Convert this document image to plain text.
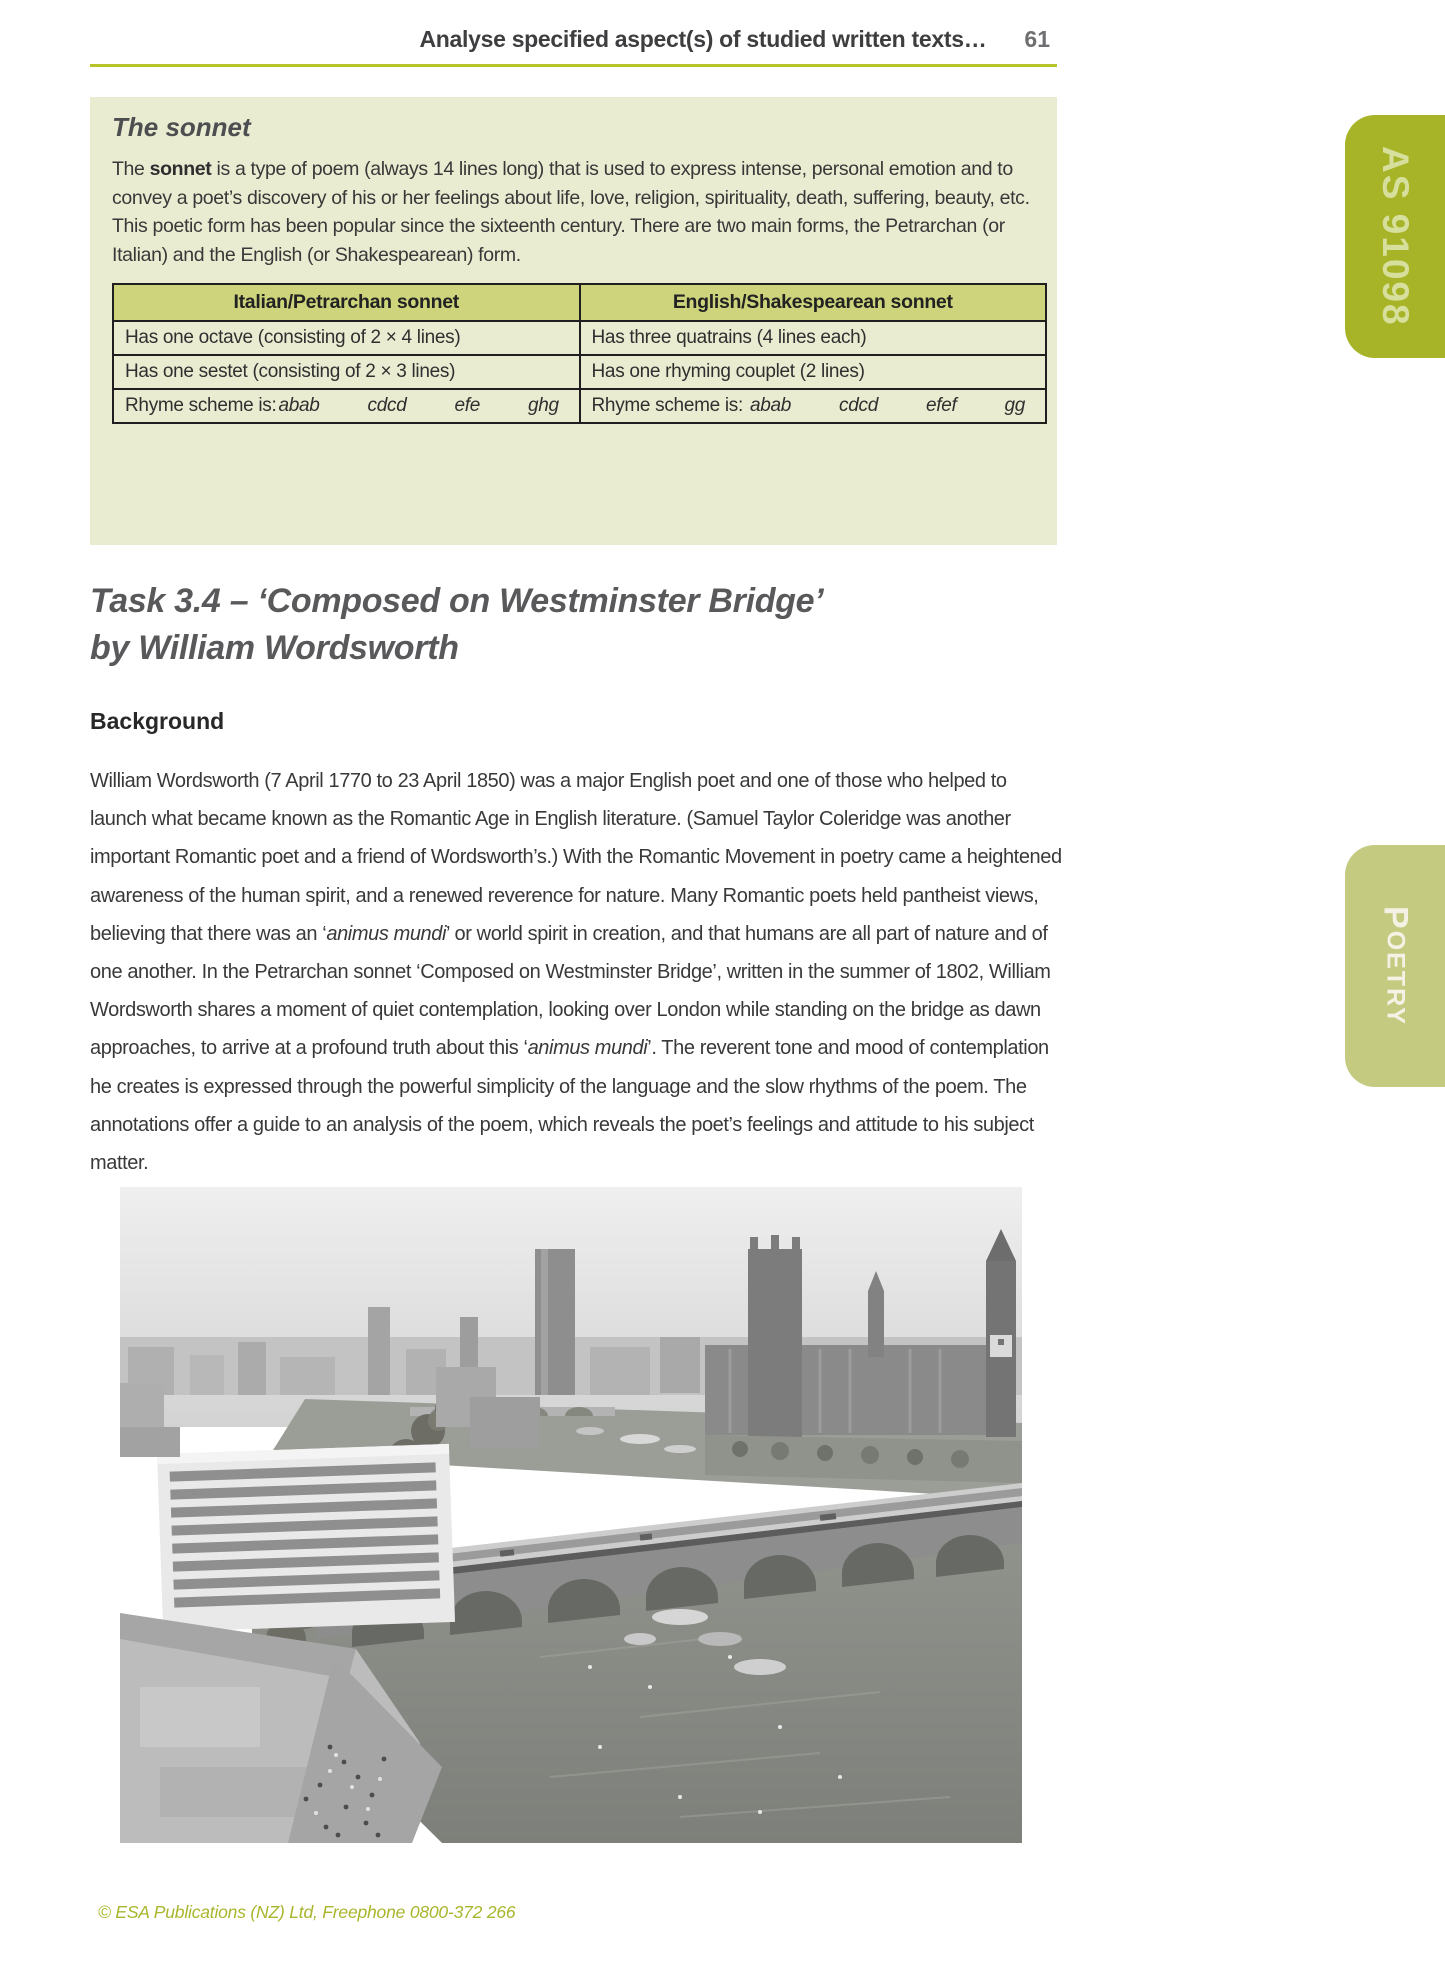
Analyse specified aspect(s) of studied written texts… 61
AS 91098
POETRY

The sonnet

The sonnet is a type of poem (always 14 lines long) that is used to express intense, personal emotion and to convey a poet’s discovery of his or her feelings about life, love, religion, spirituality, death, suffering, beauty, etc. This poetic form has been popular since the sixteenth century. There are two main forms, the Petrarchan (or Italian) and the English (or Shakespearean) form.

Italian/Petrarchan sonnet	English/Shakespearean sonnet
Has one octave (consisting of 2 × 4 lines)	Has three quatrains (4 lines each)
Has one sestet (consisting of 2 × 3 lines)	Has one rhyming couplet (2 lines)
Rhyme scheme is: abab cdcd efe ghg	Rhyme scheme is: abab cdcd efef gg
Task 3.4 – ‘Composed on Westminster Bridge’
by William Wordsworth
Background

William Wordsworth (7 April 1770 to 23 April 1850) was a major English poet and one of those who helped to launch what became known as the Romantic Age in English literature. (Samuel Taylor Coleridge was another important Romantic poet and a friend of Wordsworth’s.) With the Romantic Movement in poetry came a heightened awareness of the human spirit, and a renewed reverence for nature. Many Romantic poets held pantheist views, believing that there was an ‘animus mundi’ or world spirit in creation, and that humans are all part of nature and of one another. In the Petrarchan sonnet ‘Composed on Westminster Bridge’, written in the summer of 1802, William Wordsworth shares a moment of quiet contemplation, looking over London while standing on the bridge as dawn approaches, to arrive at a profound truth about this ‘animus mundi’. The reverent tone and mood of contemplation he creates is expressed through the powerful simplicity of the language and the slow rhythms of the poem. The annotations offer a guide to an analysis of the poem, which reveals the poet’s feelings and attitude to his subject matter.

© ESA Publications (NZ) Ltd, Freephone 0800-372 266
